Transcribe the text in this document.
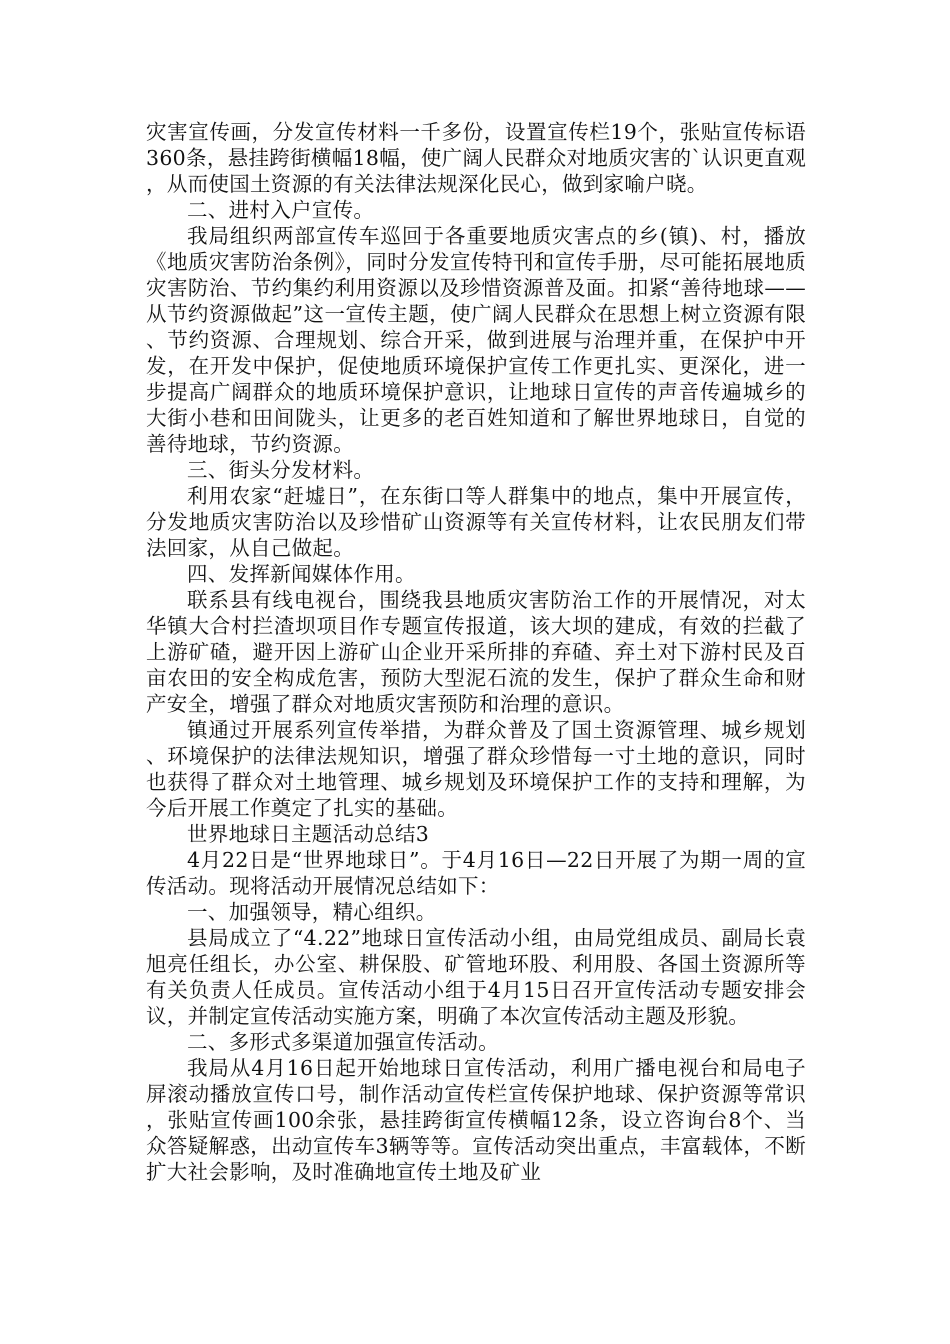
灾害宣传画，分发宣传材料一千多份，设置宣传栏19个，张贴宣传标语360条，悬挂跨街横幅18幅，使广阔人民群众对地质灾害的`认识更直观，从而使国土资源的有关法律法规深化民心，做到家喻户晓。

二、进村入户宣传。

我局组织两部宣传车巡回于各重要地质灾害点的乡(镇)、村，播放《地质灾害防治条例》，同时分发宣传特刊和宣传手册，尽可能拓展地质灾害防治、节约集约利用资源以及珍惜资源普及面。扣紧“善待地球——从节约资源做起”这一宣传主题，使广阔人民群众在思想上树立资源有限、节约资源、合理规划、综合开采，做到进展与治理并重，在保护中开发，在开发中保护，促使地质环境保护宣传工作更扎实、更深化，进一步提高广阔群众的地质环境保护意识，让地球日宣传的声音传遍城乡的大街小巷和田间陇头，让更多的老百姓知道和了解世界地球日，自觉的善待地球，节约资源。

三、街头分发材料。

利用农家“赶墟日”，在东街口等人群集中的地点，集中开展宣传，分发地质灾害防治以及珍惜矿山资源等有关宣传材料，让农民朋友们带法回家，从自己做起。

四、发挥新闻媒体作用。

联系县有线电视台，围绕我县地质灾害防治工作的开展情况，对太华镇大合村拦渣坝项目作专题宣传报道，该大坝的建成，有效的拦截了上游矿碴，避开因上游矿山企业开采所排的弃碴、弃土对下游村民及百亩农田的安全构成危害，预防大型泥石流的发生，保护了群众生命和财产安全，增强了群众对地质灾害预防和治理的意识。

镇通过开展系列宣传举措，为群众普及了国土资源管理、城乡规划、环境保护的法律法规知识，增强了群众珍惜每一寸土地的意识，同时也获得了群众对土地管理、城乡规划及环境保护工作的支持和理解，为今后开展工作奠定了扎实的基础。

世界地球日主题活动总结3

4月22日是“世界地球日”。于4月16日—22日开展了为期一周的宣传活动。现将活动开展情况总结如下：

一、加强领导，精心组织。

县局成立了“4.22”地球日宣传活动小组，由局党组成员、副局长袁旭亮任组长，办公室、耕保股、矿管地环股、利用股、各国土资源所等有关负责人任成员。宣传活动小组于4月15日召开宣传活动专题安排会议，并制定宣传活动实施方案，明确了本次宣传活动主题及形貌。

二、多形式多渠道加强宣传活动。

我局从4月16日起开始地球日宣传活动，利用广播电视台和局电子屏滚动播放宣传口号，制作活动宣传栏宣传保护地球、保护资源等常识，张贴宣传画100余张，悬挂跨街宣传横幅12条，设立咨询台8个、当众答疑解惑，出动宣传车3辆等等。宣传活动突出重点，丰富载体，不断扩大社会影响，及时准确地宣传土地及矿业
